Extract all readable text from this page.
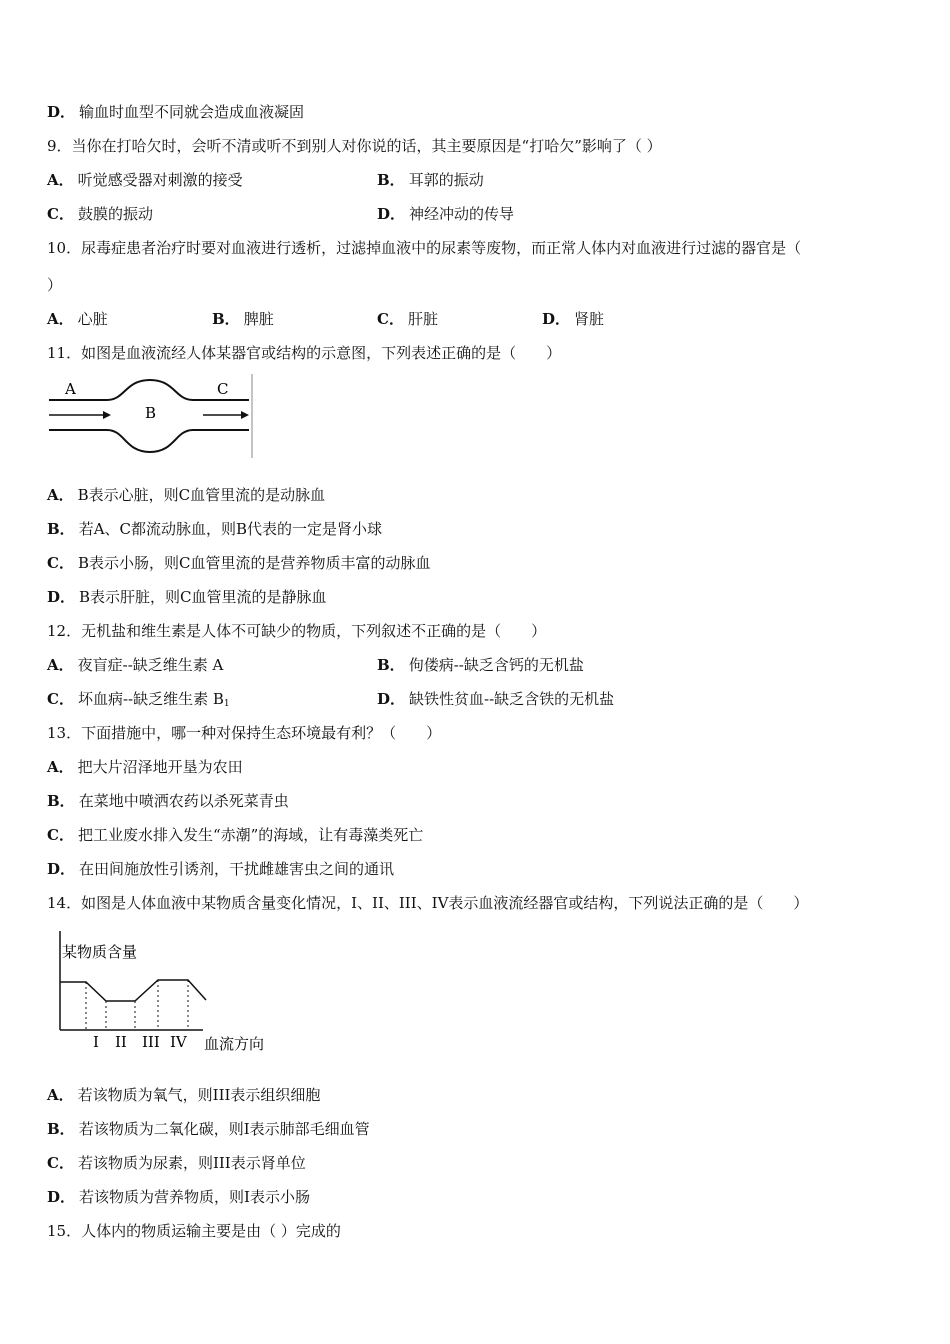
D． 输血时血型不同就会造成血液凝固
9．当你在打哈欠时，会听不清或听不到别人对你说的话，其主要原因是“打哈欠”影响了（ ）
A． 听觉感受器对刺激的接受	B． 耳郭的振动
C． 鼓膜的振动	D． 神经冲动的传导
10．尿毒症患者治疗时要对血液进行透析，过滤掉血液中的尿素等废物，而正常人体内对血液进行过滤的器官是（
）
A． 心脏	B． 脾脏	C． 肝脏	D． 肾脏
11．如图是血液流经人体某器官或结构的示意图，下列表述正确的是（　　）
A
B
C
A． B表示心脏，则C血管里流的是动脉血
B． 若A、C都流动脉血，则B代表的一定是肾小球
C． B表示小肠，则C血管里流的是营养物质丰富的动脉血
D． B表示肝脏，则C血管里流的是静脉血
12．无机盐和维生素是人体不可缺少的物质，下列叙述不正确的是（　　）
A． 夜盲症--缺乏维生素 A	B． 佝偻病--缺乏含钙的无机盐
C． 坏血病--缺乏维生素 $B_1$	D． 缺铁性贫血--缺乏含铁的无机盐
13．下面措施中，哪一种对保持生态环境最有利？（　　）
A． 把大片沼泽地开垦为农田
B． 在菜地中喷洒农药以杀死菜青虫
C． 把工业废水排入发生“赤潮”的海域，让有毒藻类死亡
D． 在田间施放性引诱剂，干扰雌雄害虫之间的通讯
14．如图是人体血液中某物质含量变化情况，I、II、III、IV表示血液流经器官或结构，下列说法正确的是（　　）
某物质含量
I II III IV 血流方向
A． 若该物质为氧气，则III表示组织细胞
B． 若该物质为二氧化碳，则I表示肺部毛细血管
C． 若该物质为尿素，则III表示肾单位
D． 若该物质为营养物质，则I表示小肠
15．人体内的物质运输主要是由（ ）完成的
